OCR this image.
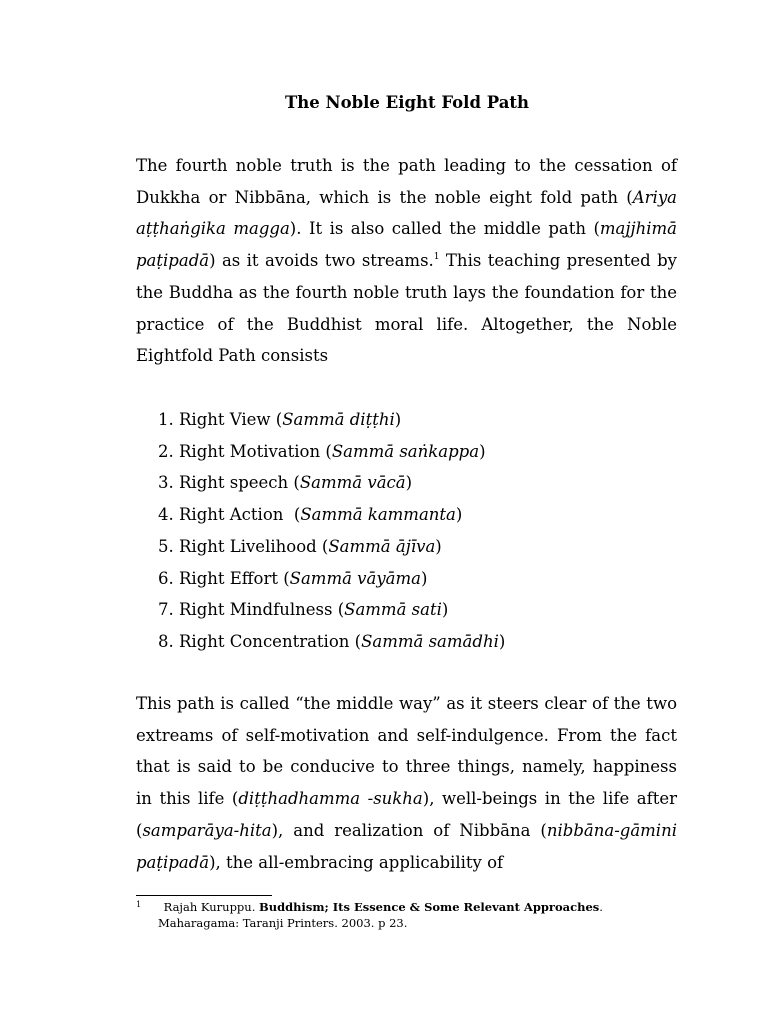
The Noble Eight Fold Path

The fourth noble truth is the path leading to the cessation of Dukkha or Nibbāna, which is the noble eight fold path (Ariya aṭṭhaṅgika magga). It is also called the middle path (majjhimā paṭipadā) as it avoids two streams.$^1$ This teaching presented by the Buddha as the fourth noble truth lays the foundation for the practice of the Buddhist moral life. Altogether, the Noble Eightfold Path consists

1. Right View (Sammā diṭṭhi)
2. Right Motivation (Sammā saṅkappa)
3. Right speech (Sammā vācā)
4. Right Action  (Sammā kammanta)
5. Right Livelihood (Sammā ājīva)
6. Right Effort (Sammā vāyāma)
7. Right Mindfulness (Sammā sati)
8. Right Concentration (Sammā samādhi)

This path is called “the middle way” as it steers clear of the two extreams of self-motivation and self-indulgence. From the fact that is said to be conducive to three things, namely, happiness in this life (diṭṭhadhamma -sukha), well-beings in the life after (samparāya-hita), and realization of Nibbāna (nibbāna-gāmini paṭipadā), the all-embracing applicability of

1 Rajah Kuruppu. Buddhism; Its Essence & Some Relevant Approaches.
Maharagama: Taranji Printers. 2003. p 23.
